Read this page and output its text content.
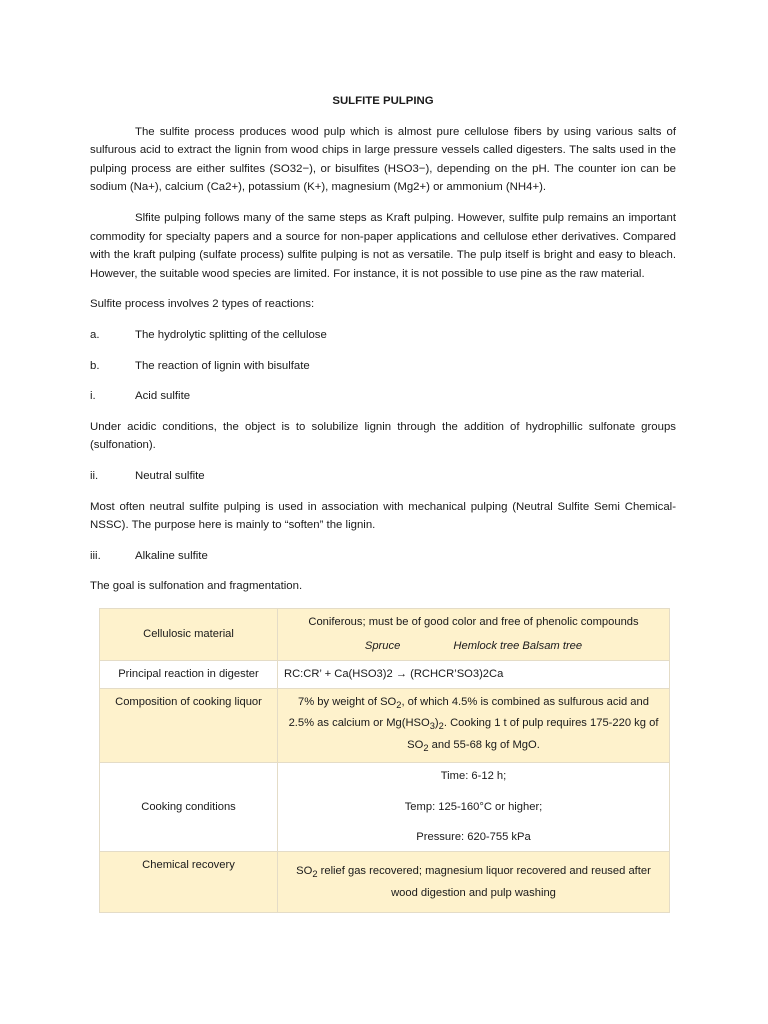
SULFITE PULPING

The sulfite process produces wood pulp which is almost pure cellulose fibers by using various salts of sulfurous acid to extract the lignin from wood chips in large pressure vessels called digesters. The salts used in the pulping process are either sulfites (SO32−), or bisulfites (HSO3−), depending on the pH. The counter ion can be sodium (Na+), calcium (Ca2+), potassium (K+), magnesium (Mg2+) or ammonium (NH4+).

Slfite pulping follows many of the same steps as Kraft pulping. However, sulfite pulp remains an important commodity for specialty papers and a source for non-paper applications and cellulose ether derivatives. Compared with the kraft pulping (sulfate process) sulfite pulping is not as versatile. The pulp itself is bright and easy to bleach. However, the suitable wood species are limited. For instance, it is not possible to use pine as the raw material.

Sulfite process involves 2 types of reactions:

a.	The hydrolytic splitting of the cellulose
b.	The reaction of lignin with bisulfate
i.	Acid sulfite

Under acidic conditions, the object is to solubilize lignin through the addition of hydrophillic sulfonate groups (sulfonation).

ii.	Neutral sulfite

Most often neutral sulfite pulping is used in association with mechanical pulping (Neutral Sulfite Semi Chemical-NSSC). The purpose here is mainly to “soften” the lignin.

iii.	Alkaline sulfite

The goal is sulfonation and fragmentation.

Cellulosic material	Coniferous; must be of good color and free of phenolic compounds
Spruce Hemlock tree Balsam tree
Principal reaction in digester	RC:CR’ + Ca(HSO3)2 → (RCHCR’SO3)2Ca
Composition of cooking liquor	7% by weight of $SO_2$, of which 4.5% is combined as sulfurous acid and 2.5% as calcium or $Mg(HSO_3)_2$. Cooking 1 t of pulp requires 175-220 kg of $SO_2$ and 55-68 kg of MgO.
Cooking conditions	Time: 6-12 h;
Temp: 125-160°C or higher;
Pressure: 620-755 kPa
Chemical recovery	$SO_2$ relief gas recovered; magnesium liquor recovered and reused after wood digestion and pulp washing
